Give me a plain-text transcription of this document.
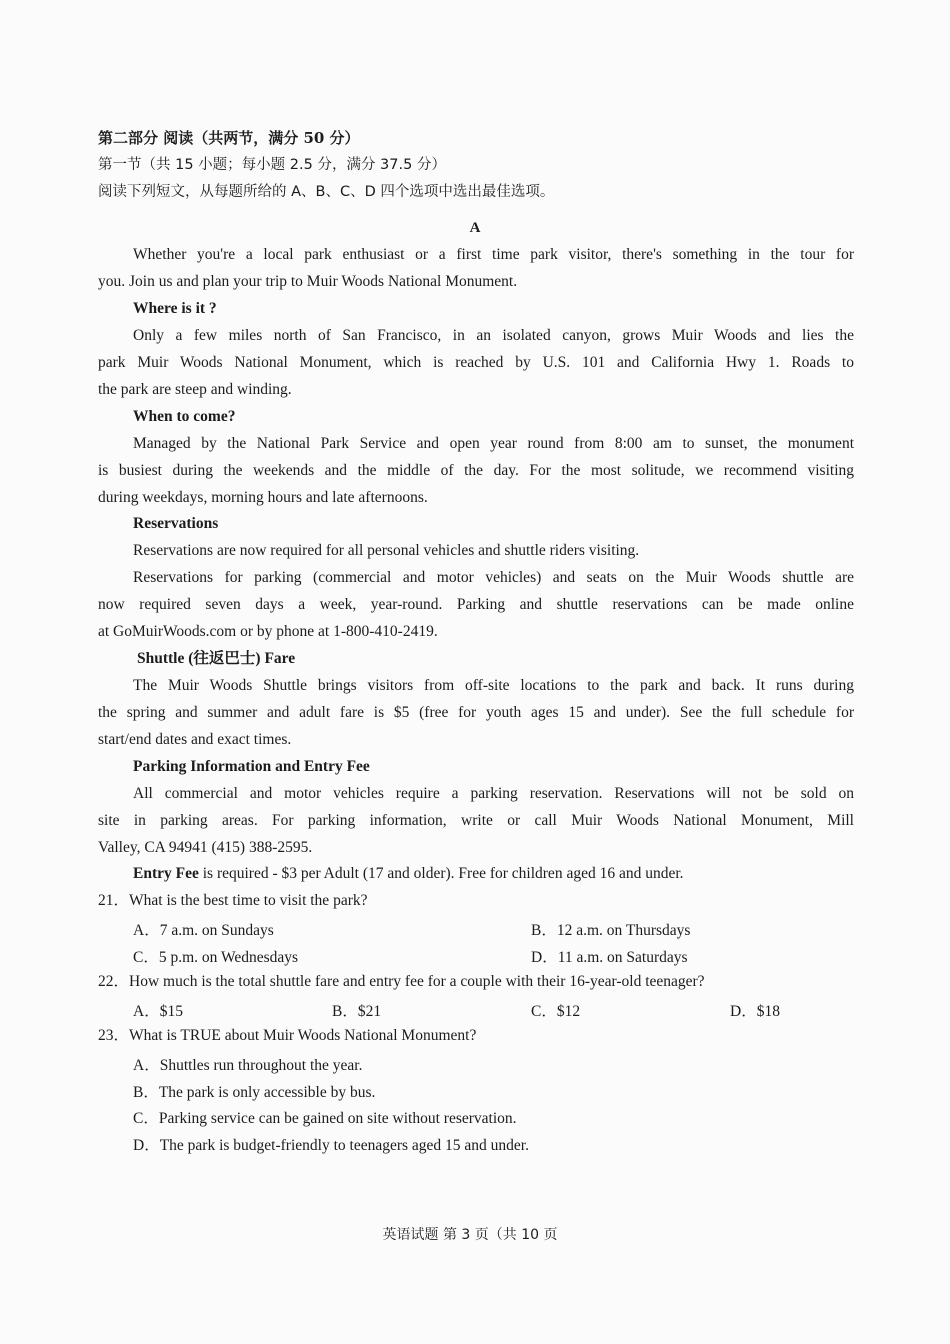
第二部分 阅读（共两节，满分 50 分）
第一节（共 15 小题；每小题 2.5 分，满分 37.5 分）
阅读下列短文，从每题所给的 A、B、C、D 四个选项中选出最佳选项。
A
Whether you're a local park enthusiast or a first time park visitor, there's something in the tour for
you. Join us and plan your trip to Muir Woods National Monument.
Where is it ?
Only a few miles north of San Francisco, in an isolated canyon, grows Muir Woods and lies the
park Muir Woods National Monument, which is reached by U.S. 101 and California Hwy 1. Roads to
the park are steep and winding.
When to come?
Managed by the National Park Service and open year round from 8:00 am to sunset, the monument
is busiest during the weekends and the middle of the day. For the most solitude, we recommend visiting
during weekdays, morning hours and late afternoons.
Reservations
Reservations are now required for all personal vehicles and shuttle riders visiting.
Reservations for parking (commercial and motor vehicles) and seats on the Muir Woods shuttle are
now required seven days a week, year-round. Parking and shuttle reservations can be made online
at GoMuirWoods.com or by phone at 1-800-410-2419.
Shuttle (往返巴士) Fare
The Muir Woods Shuttle brings visitors from off-site locations to the park and back. It runs during
the spring and summer and adult fare is $5 (free for youth ages 15 and under). See the full schedule for
start/end dates and exact times.
Parking Information and Entry Fee
All commercial and motor vehicles require a parking reservation. Reservations will not be sold on
site in parking areas. For parking information, write or call Muir Woods National Monument, Mill
Valley, CA 94941 (415) 388-2595.
Entry Fee is required - $3 per Adult (17 and older). Free for children aged 16 and under.
21．What is the best time to visit the park?
A．7 a.m. on Sundays	B．12 a.m. on Thursdays
C．5 p.m. on Wednesdays	D．11 a.m. on Saturdays
22．How much is the total shuttle fare and entry fee for a couple with their 16-year-old teenager?
A．$15	B．$21	C．$12	D．$18
23．What is TRUE about Muir Woods National Monument?
A．Shuttles run throughout the year.
B．The park is only accessible by bus.
C．Parking service can be gained on site without reservation.
D．The park is budget-friendly to teenagers aged 15 and under.
英语试题 第 3 页（共 10 页
